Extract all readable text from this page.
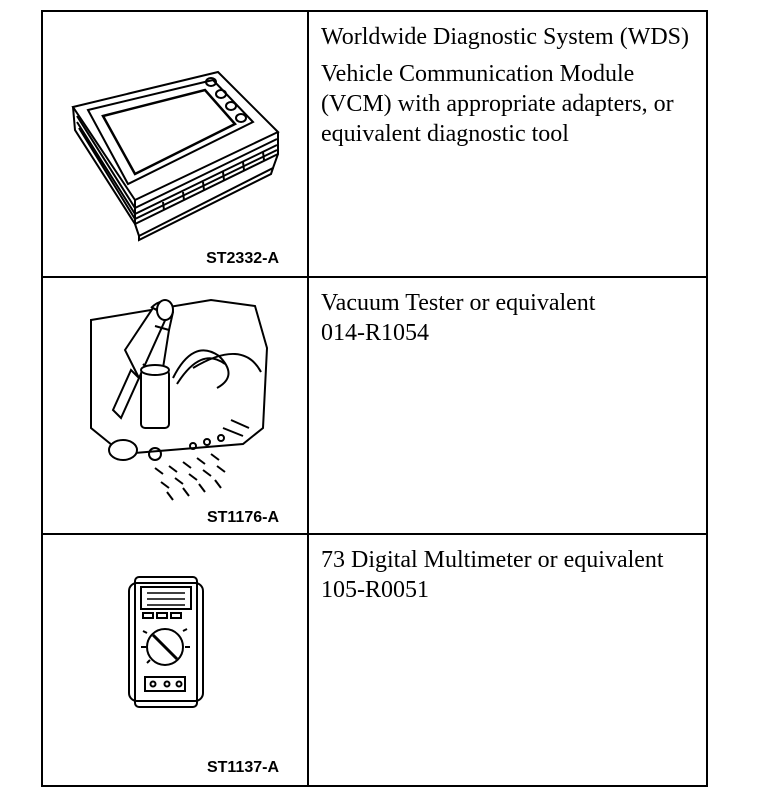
ST2332-A

Worldwide Diagnostic System (WDS)

Vehicle Communication Module (VCM) with appropriate adapters, or equivalent diagnostic tool

ST1176-A

Vacuum Tester or equivalent

014-R1054

ST1137-A

73 Digital Multimeter or equivalent

105-R0051
